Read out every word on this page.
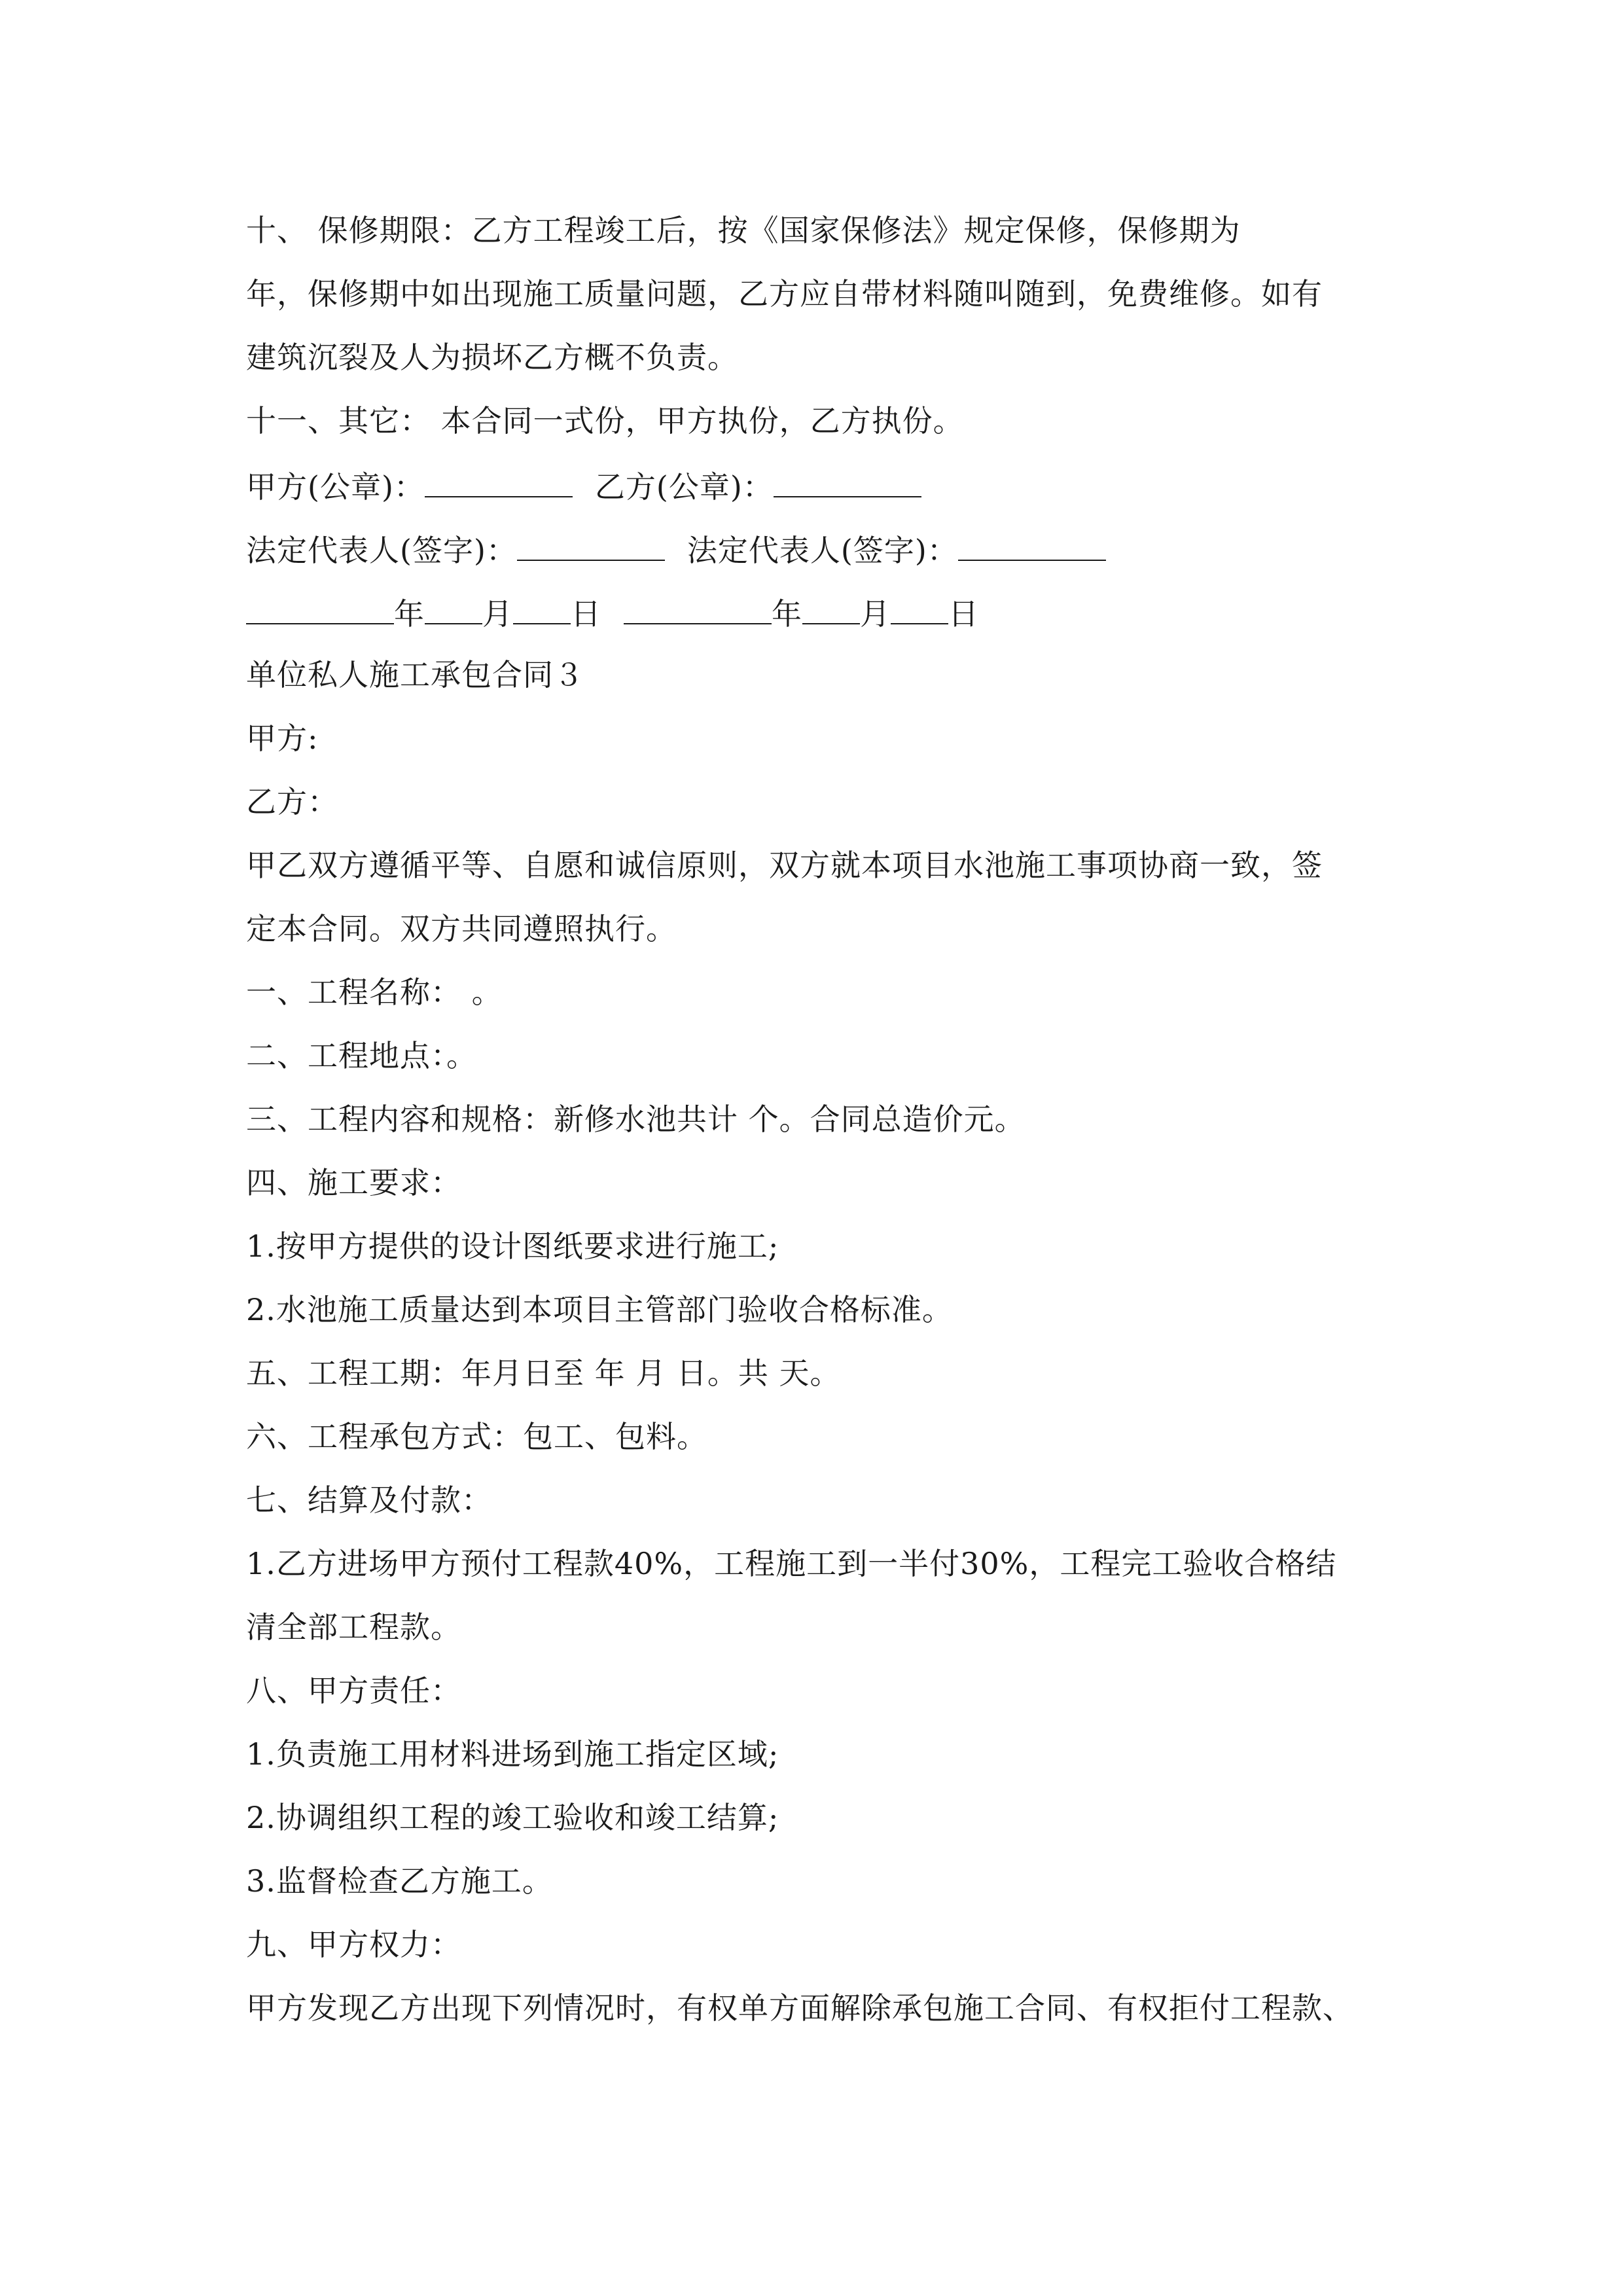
十、 保修期限：乙方工程竣工后，按《国家保修法》规定保修，保修期为
年，保修期中如出现施工质量问题，乙方应自带材料随叫随到，免费维修。如有
建筑沉裂及人为损坏乙方概不负责。
十一、其它： 本合同一式份，甲方执份，乙方执份。
甲方(公章)：	乙方(公章)：
法定代表人(签字)：	法定代表人(签字)：
年 月 日	年 月 日
单位私人施工承包合同３
甲方:
乙方：
甲乙双方遵循平等、自愿和诚信原则，双方就本项目水池施工事项协商一致，签
定本合同。双方共同遵照执行。
一、工程名称： 。
二、工程地点：。
三、工程内容和规格：新修水池共计 个。合同总造价元。
四、施工要求：
1.按甲方提供的设计图纸要求进行施工;
2.水池施工质量达到本项目主管部门验收合格标准。
五、工程工期：年月日至 年 月 日。共 天。
六、工程承包方式：包工、包料。
七、结算及付款：
1.乙方进场甲方预付工程款40%，工程施工到一半付30%，工程完工验收合格结
清全部工程款。
八、甲方责任：
1.负责施工用材料进场到施工指定区域;
2.协调组织工程的竣工验收和竣工结算;
3.监督检查乙方施工。
九、甲方权力：
甲方发现乙方出现下列情况时，有权单方面解除承包施工合同、有权拒付工程款、
